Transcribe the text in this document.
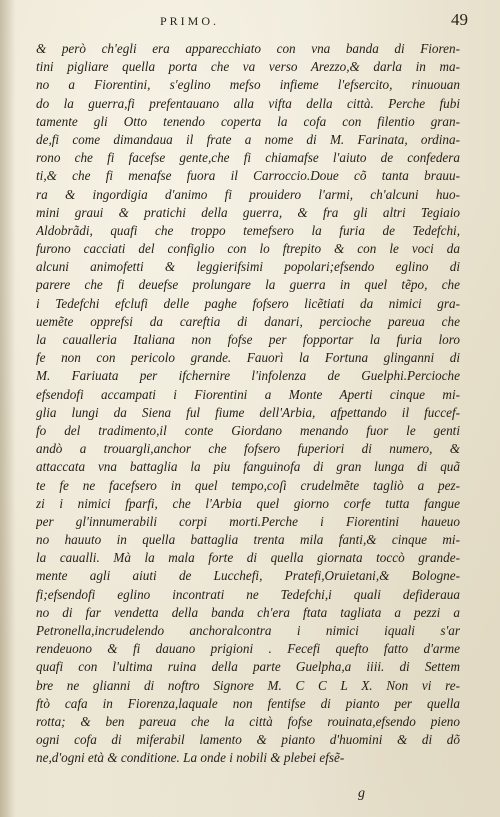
PRIMO.	49
& però ch'egli era apparecchiato con vna banda di Fioren-
tini pigliare quella porta che va verso Arezzo,& darla in ma-
no a Fiorentini, s'eglino mefso infieme l'efsercito, rinuouan
do la guerra,fi prefentauano alla vifta della città. Perche fubi
tamente gli Otto tenendo coperta la cofa con filentio gran-
de,fi come dimandaua il frate a nome di M. Farinata, ordina-
rono che fi facefse gente,che fi chiamafse l'aiuto de confedera
ti,& che fi menafse fuora il Carroccio.Doue cõ tanta brauu-
ra & ingordigia d'animo fi prouidero l'armi, ch'alcuni huo-
mini graui & pratichi della guerra, & fra gli altri Tegiaio
Aldobrãdi, quafi che troppo temefsero la furia de Tedefchi,
furono cacciati del configlio con lo ftrepito & con le voci da
alcuni animofetti & leggierifsimi popolari;efsendo eglino di
parere che fi deuefse prolungare la guerra in quel tẽpo, che
i Tedefchi efclufi delle paghe fofsero licẽtiati da nimici gra-
uemẽte opprefsi da careftia di danari, percioche pareua che
la caualleria Italiana non fofse per fopportar la furia loro
fe non con pericolo grande. Fauorì la Fortuna glinganni di
M. Fariuata per ifchernire l'infolenza de Guelphi.Percioche
efsendofi accampati i Fiorentini a Monte Aperti cinque mi-
glia lungi da Siena ful fiume dell'Arbia, afpettando il fuccef-
fo del tradimento,il conte Giordano menando fuor le genti
andò a trouargli,anchor che fofsero fuperiori di numero, &
attaccata vna battaglia la piu fanguinofa di gran lunga di quã
te fe ne facefsero in quel tempo,coſì crudelmẽte tagliò a pez-
zi i nimici fparfi, che l'Arbia quel giorno corfe tutta fangue
per gl'innumerabili corpi morti.Perche i Fiorentini haueuo
no hauuto in quella battaglia trenta mila fanti,& cinque mi-
la caualli. Mà la mala forte di quella giornata toccò grande-
mente agli aiuti de Lucchefi, Pratefi,Oruietani,& Bologne-
fi;efsendofi eglino incontrati ne Tedefchi,i quali defideraua
no di far vendetta della banda ch'era ftata tagliata a pezzi a
Petronella,incrudelendo anchoralcontra i nimici iquali s'ar
rendeuono & fi dauano prigioni . Fecefi quefto fatto d'arme
quafi con l'ultima ruina della parte Guelpha,a iiii. di Settem
bre ne glianni di noftro Signore M. C C L X. Non vi re-
ftò cafa in Fiorenza,laquale non fentifse di pianto per quella
rotta; & ben pareua che la città fofse rouinata,efsendo pieno
ogni cofa di miferabil lamento & pianto d'huomini & di dõ
ne,d'ogni età & conditione. La onde i nobili & plebei efsẽ-
g
